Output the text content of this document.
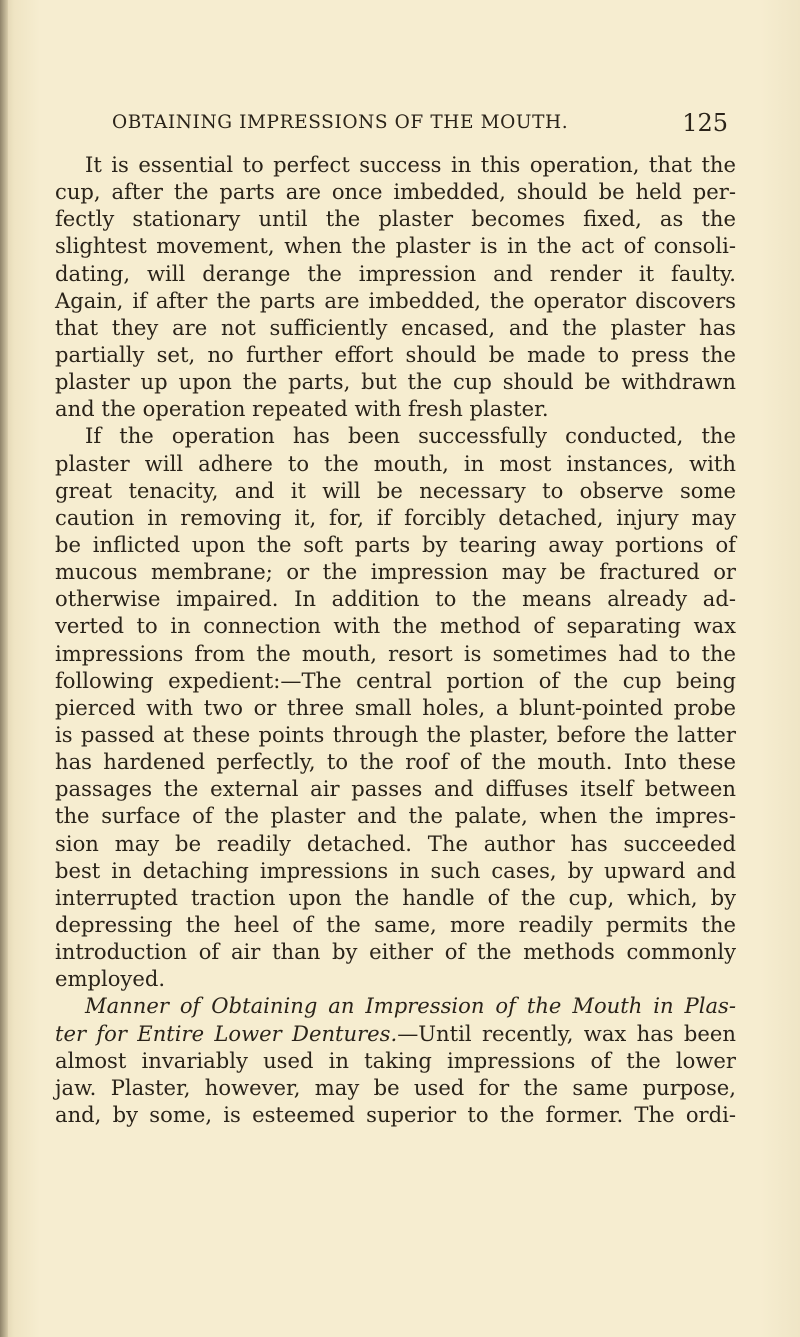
OBTAINING IMPRESSIONS OF THE MOUTH.	125
It is essential to perfect success in this operation, that the
cup, after the parts are once imbedded, should be held per-
fectly stationary until the plaster becomes fixed, as the
slightest movement, when the plaster is in the act of consoli-
dating, will derange the impression and render it faulty.
Again, if after the parts are imbedded, the operator discovers
that they are not sufficiently encased, and the plaster has
partially set, no further effort should be made to press the
plaster up upon the parts, but the cup should be withdrawn
and the operation repeated with fresh plaster.
If the operation has been successfully conducted, the
plaster will adhere to the mouth, in most instances, with
great tenacity, and it will be necessary to observe some
caution in removing it, for, if forcibly detached, injury may
be inflicted upon the soft parts by tearing away portions of
mucous membrane; or the impression may be fractured or
otherwise impaired. In addition to the means already ad-
verted to in connection with the method of separating wax
impressions from the mouth, resort is sometimes had to the
following expedient:—The central portion of the cup being
pierced with two or three small holes, a blunt-pointed probe
is passed at these points through the plaster, before the latter
has hardened perfectly, to the roof of the mouth. Into these
passages the external air passes and diffuses itself between
the surface of the plaster and the palate, when the impres-
sion may be readily detached. The author has succeeded
best in detaching impressions in such cases, by upward and
interrupted traction upon the handle of the cup, which, by
depressing the heel of the same, more readily permits the
introduction of air than by either of the methods commonly
employed.
Manner of Obtaining an Impression of the Mouth in Plas-
ter for Entire Lower Dentures.—Until recently, wax has been
almost invariably used in taking impressions of the lower
jaw. Plaster, however, may be used for the same purpose,
and, by some, is esteemed superior to the former. The ordi-
